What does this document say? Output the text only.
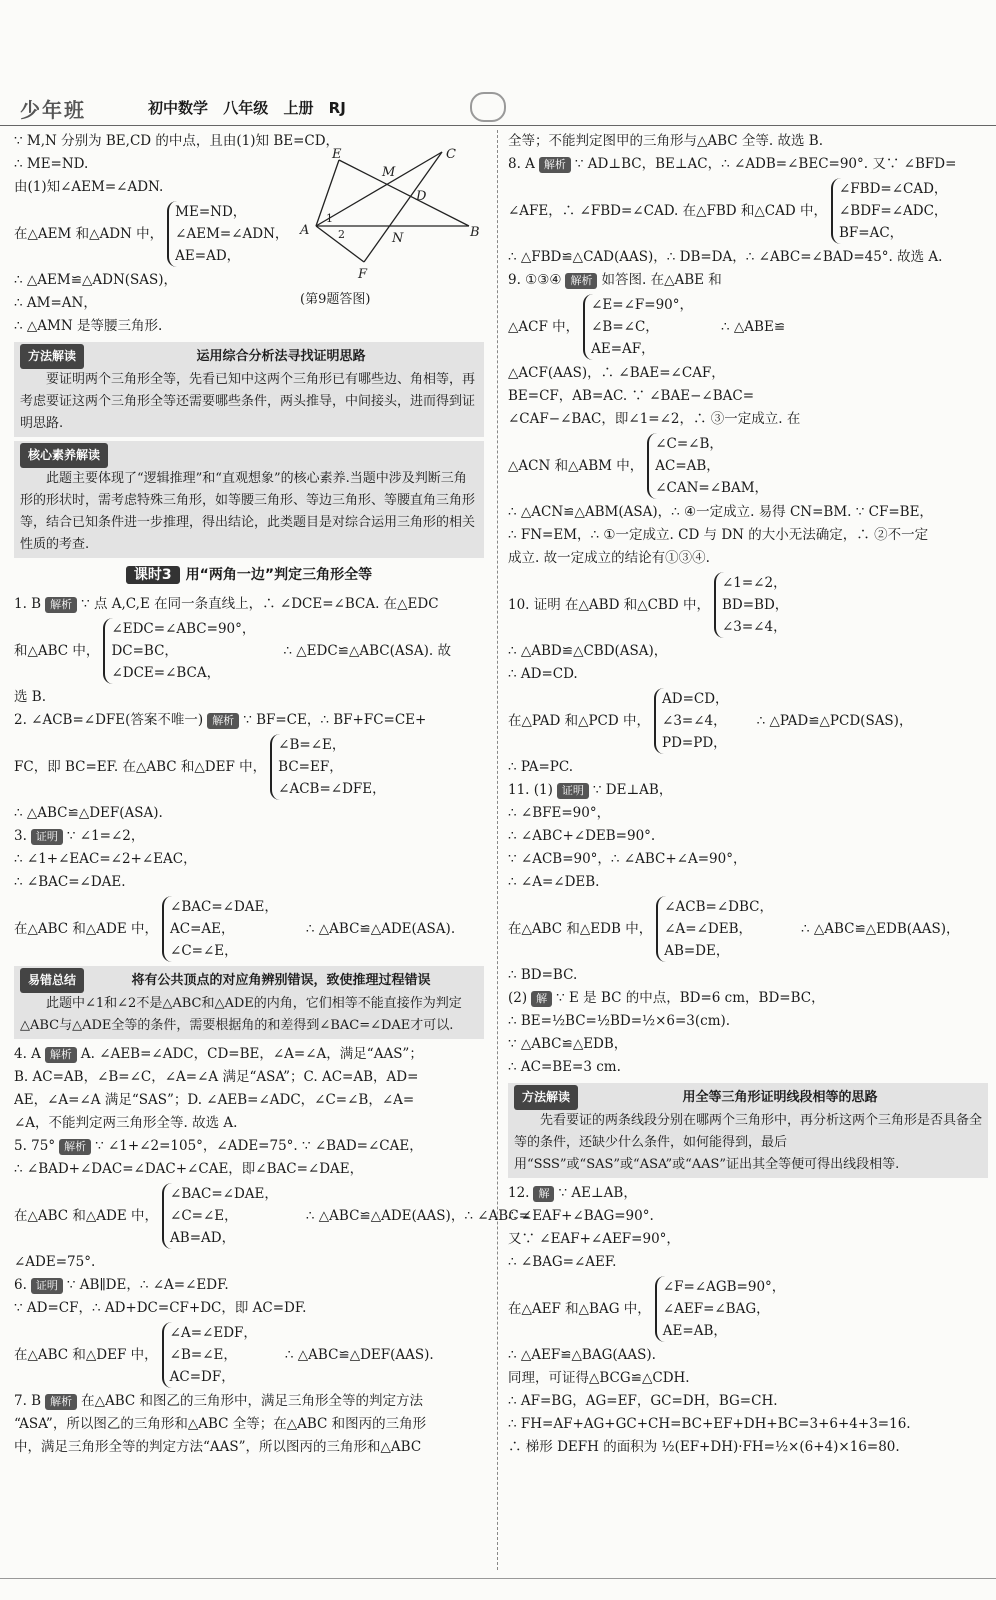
少年班	初中数学 八年级 上册 RJ
∵ M,N 分别为 BE,CD 的中点，且由(1)知 BE=CD，
∴ ME=ND.
由(1)知∠AEM=∠ADN.
在△AEM 和△ADN 中，
ME=ND，
∠AEM=∠ADN，
AE=AD，
∴ △AEM≌△ADN(SAS)，
∴ AM=AN，
∴ △AMN 是等腰三角形.
方法解读	运用综合分析法寻找证明思路
要证明两个三角形全等，先看已知中这两个三角形已有哪些边、角相等，再考虑要证这两个三角形全等还需要哪些条件，两头推导，中间接头，进而得到证明思路.
核心素养解读
此题主要体现了“逻辑推理”和“直观想象”的核心素养.当题中涉及判断三角形的形状时，需考虑特殊三角形，如等腰三角形、等边三角形、等腰直角三角形等，结合已知条件进一步推理，得出结论，此类题目是对综合运用三角形的相关性质的考查.
课时3 用“两角一边”判定三角形全等
1. B 解析 ∵ 点 A,C,E 在同一条直线上，∴ ∠DCE=∠BCA. 在△EDC
和△ABC 中，
∠EDC=∠ABC=90°，
DC=BC，
∠DCE=∠BCA，
∴ △EDC≌△ABC(ASA). 故
选 B.
2. ∠ACB=∠DFE(答案不唯一) 解析 ∵ BF=CE，∴ BF+FC=CE+
FC，即 BC=EF. 在△ABC 和△DEF 中，
∠B=∠E，
BC=EF，
∠ACB=∠DFE，
∴ △ABC≌△DEF(ASA).
3. 证明 ∵ ∠1=∠2，
∴ ∠1+∠EAC=∠2+∠EAC，
∴ ∠BAC=∠DAE.
在△ABC 和△ADE 中，
∠BAC=∠DAE，
AC=AE，
∠C=∠E，
∴ △ABC≌△ADE(ASA).
易错总结	将有公共顶点的对应角辨别错误，致使推理过程错误
此题中∠1和∠2不是△ABC和△ADE的内角，它们相等不能直接作为判定△ABC与△ADE全等的条件，需要根据角的和差得到∠BAC=∠DAE才可以.
4. A 解析 A. ∠AEB=∠ADC，CD=BE，∠A=∠A，满足“AAS”；
B. AC=AB，∠B=∠C，∠A=∠A 满足“ASA”；C. AC=AB，AD=
AE，∠A=∠A 满足“SAS”；D. ∠AEB=∠ADC，∠C=∠B，∠A=
∠A，不能判定两三角形全等. 故选 A.
5. 75° 解析 ∵ ∠1+∠2=105°，∠ADE=75°. ∵ ∠BAD=∠CAE，
∴ ∠BAD+∠DAC=∠DAC+∠CAE，即∠BAC=∠DAE，
在△ABC 和△ADE 中，
∠BAC=∠DAE，
∠C=∠E，
AB=AD，
∴ △ABC≌△ADE(AAS)，∴ ∠ABC=
∠ADE=75°.
6. 证明 ∵ AB∥DE，∴ ∠A=∠EDF.
∵ AD=CF，∴ AD+DC=CF+DC，即 AC=DF.
在△ABC 和△DEF 中，
∠A=∠EDF，
∠B=∠E，
AC=DF，
∴ △ABC≌△DEF(AAS).
7. B 解析 在△ABC 和图乙的三角形中，满足三角形全等的判定方法
“ASA”，所以图乙的三角形和△ABC 全等；在△ABC 和图丙的三角形
中，满足三角形全等的判定方法“AAS”，所以图丙的三角形和△ABC
全等；不能判定图甲的三角形与△ABC 全等. 故选 B.
8. A 解析 ∵ AD⊥BC，BE⊥AC，∴ ∠ADB=∠BEC=90°. 又∵ ∠BFD=
∠AFE，∴ ∠FBD=∠CAD. 在△FBD 和△CAD 中，
∠FBD=∠CAD，
∠BDF=∠ADC，
BF=AC，
∴ △FBD≌△CAD(AAS)，∴ DB=DA，∴ ∠ABC=∠BAD=45°. 故选 A.
9. ①③④ 解析 如答图. 在△ABE 和
△ACF 中，
∠E=∠F=90°，
∠B=∠C，
AE=AF，
∴ △ABE≌
△ACF(AAS)，∴ ∠BAE=∠CAF，
BE=CF，AB=AC. ∵ ∠BAE−∠BAC=
∠CAF−∠BAC，即∠1=∠2，∴ ③一定成立. 在
△ACN 和△ABM 中，
∠C=∠B，
AC=AB，
∠CAN=∠BAM，
∴ △ACN≌△ABM(ASA)，∴ ④一定成立. 易得 CN=BM. ∵ CF=BE，
∴ FN=EM，∴ ①一定成立. CD 与 DN 的大小无法确定，∴ ②不一定
成立. 故一定成立的结论有①③④.
10. 证明 在△ABD 和△CBD 中，
∠1=∠2，
BD=BD，
∠3=∠4，
∴ △ABD≌△CBD(ASA)，
∴ AD=CD.
在△PAD 和△PCD 中，
AD=CD，
∠3=∠4，
PD=PD，
∴ △PAD≌△PCD(SAS)，
∴ PA=PC.
11. (1) 证明 ∵ DE⊥AB，
∴ ∠BFE=90°，
∴ ∠ABC+∠DEB=90°.
∵ ∠ACB=90°，∴ ∠ABC+∠A=90°，
∴ ∠A=∠DEB.
在△ABC 和△EDB 中，
∠ACB=∠DBC，
∠A=∠DEB，
AB=DE，
∴ △ABC≌△EDB(AAS)，
∴ BD=BC.
(2) 解 ∵ E 是 BC 的中点，BD=6 cm，BD=BC，
∴ BE=½BC=½BD=½×6=3(cm).
∵ △ABC≌△EDB，
∴ AC=BE=3 cm.
方法解读	用全等三角形证明线段相等的思路
先看要证的两条线段分别在哪两个三角形中，再分析这两个三角形是否具备全等的条件，还缺少什么条件，如何能得到，最后用“SSS”或“SAS”或“ASA”或“AAS”证出其全等便可得出线段相等.
12. 解 ∵ AE⊥AB，
∴ ∠EAF+∠BAG=90°.
又∵ ∠EAF+∠AEF=90°，
∴ ∠BAG=∠AEF.
在△AEF 和△BAG 中，
∠F=∠AGB=90°，
∠AEF=∠BAG，
AE=AB，
∴ △AEF≌△BAG(AAS).
同理，可证得△BCG≌△CDH.
∴ AF=BG，AG=EF，GC=DH，BG=CH.
∴ FH=AF+AG+GC+CH=BC+EF+DH+BC=3+6+4+3=16.
∴ 梯形 DEFH 的面积为 ½(EF+DH)·FH=½×(6+4)×16=80.
E
M
C
D
A
1
2	N	B
F
(第9题答图)
